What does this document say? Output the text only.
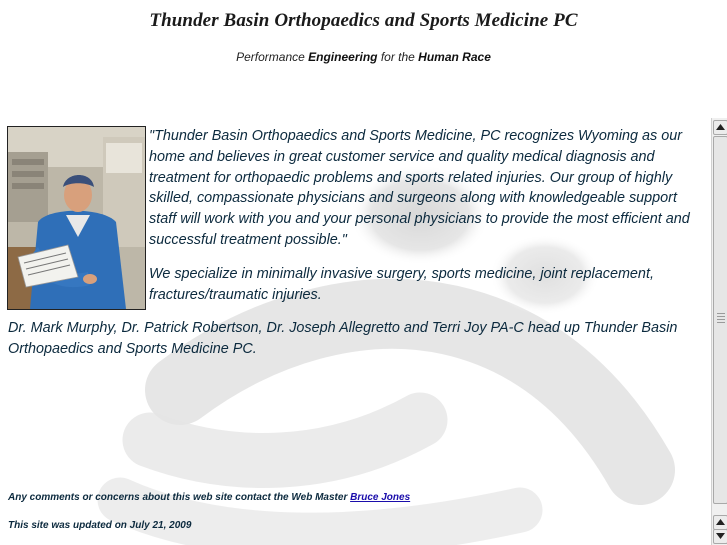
Thunder Basin Orthopaedics and Sports Medicine PC
Performance Engineering for the Human Race
"Thunder Basin Orthopaedics and Sports Medicine, PC recognizes Wyoming as our home and believes in great customer service and quality medical diagnosis and treatment for orthopaedic problems and sports related injuries. Our group of highly skilled, compassionate physicians and surgeons along with knowledgeable support staff will work with you and your personal physicians to provide the most efficient and successful treatment possible."
We specialize in minimally invasive surgery, sports medicine, joint replacement, fractures/traumatic injuries.
Dr. Mark Murphy, Dr. Patrick Robertson, Dr. Joseph Allegretto and Terri Joy PA-C head up Thunder Basin Orthopaedics and Sports Medicine PC.
Any comments or concerns about this web site contact the Web Master Bruce Jones
This site was updated on July 21, 2009
